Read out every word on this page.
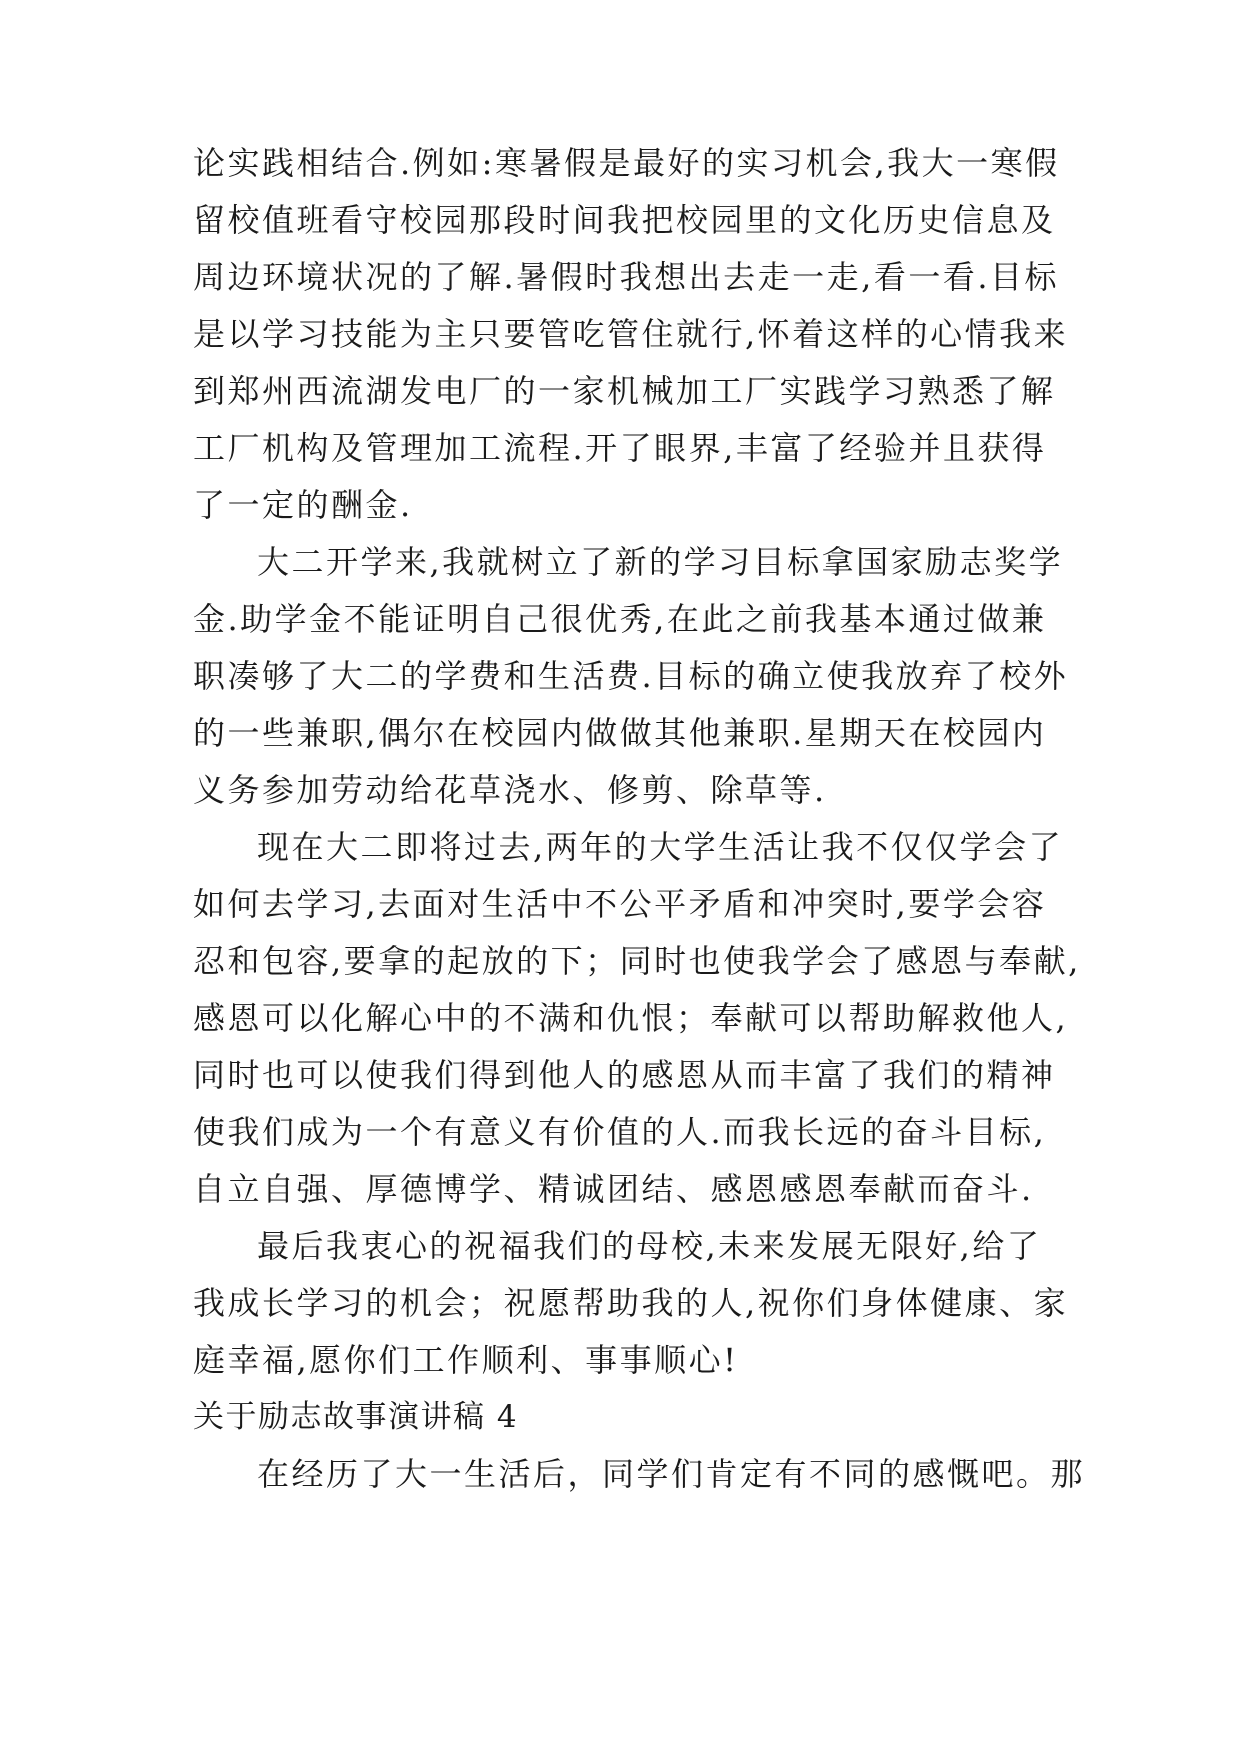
论实践相结合.例如:寒暑假是最好的实习机会,我大一寒假
留校值班看守校园那段时间我把校园里的文化历史信息及
周边环境状况的了解.暑假时我想出去走一走,看一看.目标
是以学习技能为主只要管吃管住就行,怀着这样的心情我来
到郑州西流湖发电厂的一家机械加工厂实践学习熟悉了解
工厂机构及管理加工流程.开了眼界,丰富了经验并且获得
了一定的酬金.
大二开学来,我就树立了新的学习目标拿国家励志奖学
金.助学金不能证明自己很优秀,在此之前我基本通过做兼
职凑够了大二的学费和生活费.目标的确立使我放弃了校外
的一些兼职,偶尔在校园内做做其他兼职.星期天在校园内
义务参加劳动给花草浇水、修剪、除草等.
现在大二即将过去,两年的大学生活让我不仅仅学会了
如何去学习,去面对生活中不公平矛盾和冲突时,要学会容
忍和包容,要拿的起放的下；同时也使我学会了感恩与奉献,
感恩可以化解心中的不满和仇恨；奉献可以帮助解救他人,
同时也可以使我们得到他人的感恩从而丰富了我们的精神
使我们成为一个有意义有价值的人.而我长远的奋斗目标,
自立自强、厚德博学、精诚团结、感恩感恩奉献而奋斗.
最后我衷心的祝福我们的母校,未来发展无限好,给了
我成长学习的机会；祝愿帮助我的人,祝你们身体健康、家
庭幸福,愿你们工作顺利、事事顺心!
关于励志故事演讲稿 4
在经历了大一生活后，同学们肯定有不同的感慨吧。那
